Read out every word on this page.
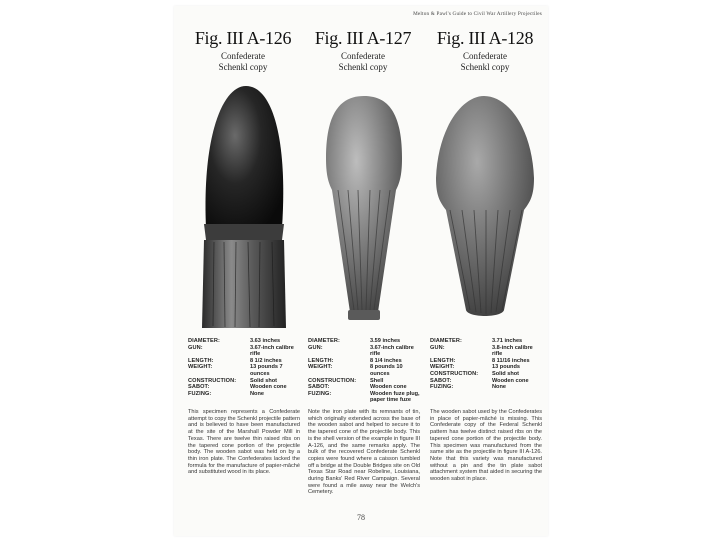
Melton & Pawl's Guide to Civil War Artillery Projectiles
Fig. III A-126
Confederate
Schenkl copy
DIAMETER:	3.63 inches
GUN:	3.67-inch calibre rifle
LENGTH:	8 1/2 inches
WEIGHT:	13 pounds 7 ounces
CONSTRUCTION:	Solid shot
SABOT:	Wooden cone
FUZING:	None
This specimen represents a Confederate attempt to copy the Schenkl projectile pattern and is believed to have been manufactured at the site of the Marshall Powder Mill in Texas. There are twelve thin raised ribs on the tapered cone portion of the projectile body. The wooden sabot was held on by a thin iron plate. The Confederates lacked the formula for the manufacture of papier-mâché and substituted wood in its place.
Fig. III A-127
Confederate
Schenkl copy
DIAMETER:	3.59 inches
GUN:	3.67-inch calibre rifle
LENGTH:	8 1/4 inches
WEIGHT:	8 pounds 10 ounces
CONSTRUCTION:	Shell
SABOT:	Wooden cone
FUZING:	Wooden fuze plug,
paper time fuze
Note the iron plate with its remnants of tin, which originally extended across the base of the wooden sabot and helped to secure it to the tapered cone of the projectile body. This is the shell version of the example in figure III A-126, and the same remarks apply. The bulk of the recovered Confederate Schenkl copies were found where a caisson tumbled off a bridge at the Double Bridges site on Old Texas Star Road near Robeline, Louisiana, during Banks' Red River Campaign. Several were found a mile away near the Welch's Cemetery.
Fig. III A-128
Confederate
Schenkl copy
DIAMETER:	3.71 inches
GUN:	3.8-inch calibre rifle
LENGTH:	8 11/16 inches
WEIGHT:	13 pounds
CONSTRUCTION:	Solid shot
SABOT:	Wooden cone
FUZING:	None
The wooden sabot used by the Confederates in place of papier-mâché is missing. This Confederate copy of the Federal Schenkl pattern has twelve distinct raised ribs on the tapered cone portion of the projectile body. This specimen was manufactured from the same site as the projectile in figure III A-126. Note that this variety was manufactured without a pin and the tin plate sabot attachment system that aided in securing the wooden sabot in place.
78
